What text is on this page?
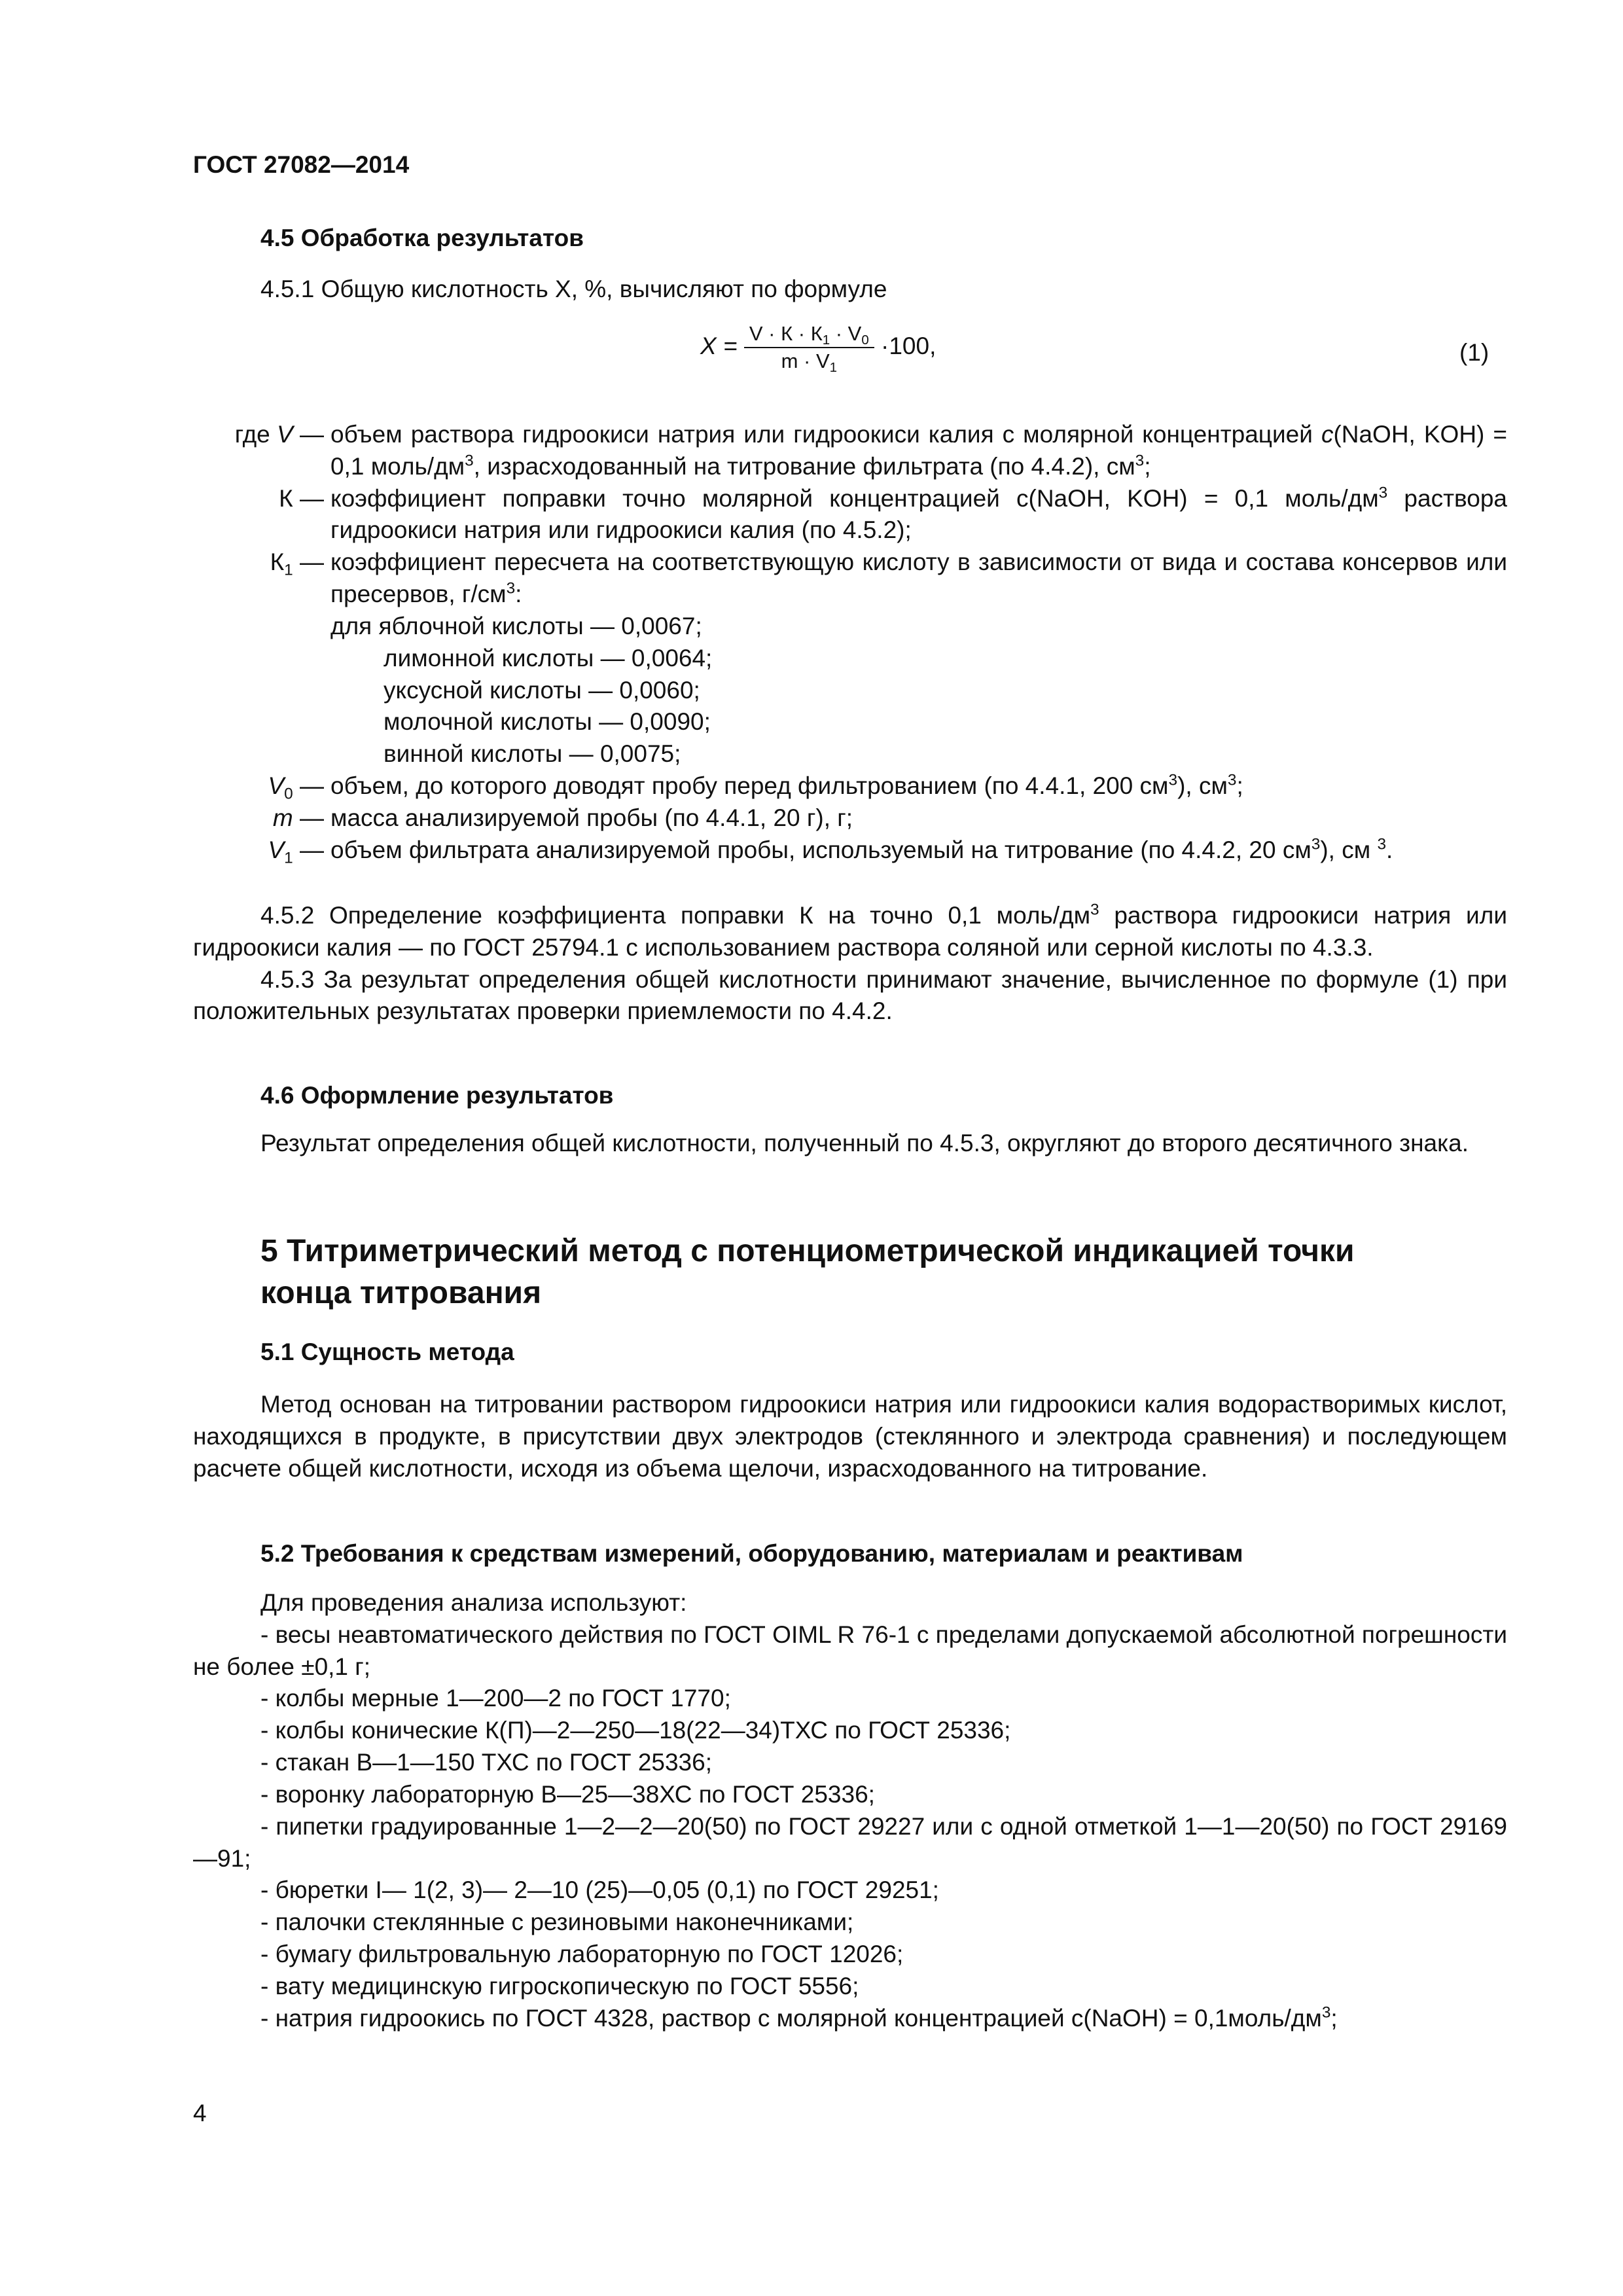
ГОСТ 27082—2014
4.5 Обработка результатов
4.5.1 Общую кислотность X, %, вычисляют по формуле
$X = \frac{V \cdot К \cdot К_1 \cdot V_0}{m \cdot V_1} \cdot 100$,	(1)
где V — объем раствора гидроокиси натрия или гидроокиси калия с молярной концентрацией c(NaOH, KOH) = 0,1 моль/$дм^3$, израсходованный на титрование фильтрата (по 4.4.2), $см^3$;
К — коэффициент поправки точно молярной концентрацией c(NaOH, KOH) = 0,1 моль/$дм^3$ раствора гидроокиси натрия или гидроокиси калия (по 4.5.2);
$К_1$ — коэффициент пересчета на соответствующую кислоту в зависимости от вида и состава консервов или пресервов, $г/см^3$:
для яблочной кислоты — 0,0067;
лимонной кислоты — 0,0064;
уксусной кислоты — 0,0060;
молочной кислоты — 0,0090;
винной кислоты — 0,0075;
$V_0$ — объем, до которого доводят пробу перед фильтрованием (по 4.4.1, 200 $см^3$), $см^3$;
m — масса анализируемой пробы (по 4.4.1, 20 г), г;
$V_1$ — объем фильтрата анализируемой пробы, используемый на титрование (по 4.4.2, 20 $см^3$), см $^3$.

4.5.2 Определение коэффициента поправки К на точно 0,1 моль/$дм^3$ раствора гидроокиси натрия или гидроокиси калия — по ГОСТ 25794.1 с использованием раствора соляной или серной кислоты по 4.3.3.

4.5.3 За результат определения общей кислотности принимают значение, вычисленное по формуле (1) при положительных результатах проверки приемлемости по 4.4.2.

4.6 Оформление результатов

Результат определения общей кислотности, полученный по 4.5.3, округляют до второго десятичного знака.

5 Титриметрический метод с потенциометрической индикацией точки конца титрования
5.1 Сущность метода

Метод основан на титровании раствором гидроокиси натрия или гидроокиси калия водорастворимых кислот, находящихся в продукте, в присутствии двух электродов (стеклянного и электрода сравнения) и последующем расчете общей кислотности, исходя из объема щелочи, израсходованного на титрование.

5.2 Требования к средствам измерений, оборудованию, материалам и реактивам

Для проведения анализа используют:

- весы неавтоматического действия по ГОСТ OIML R 76-1 с пределами допускаемой абсолютной погрешности не более ±0,1 г;

- колбы мерные 1—200—2 по ГОСТ 1770;

- колбы конические К(П)—2—250—18(22—34)ТХС по ГОСТ 25336;

- стакан В—1—150 ТХС по ГОСТ 25336;

- воронку лабораторную В—25—38ХС по ГОСТ 25336;

- пипетки градуированные 1—2—2—20(50) по ГОСТ 29227 или с одной отметкой 1—1—20(50) по ГОСТ 29169—91;

- бюретки I— 1(2, 3)— 2—10 (25)—0,05 (0,1) по ГОСТ 29251;

- палочки стеклянные с резиновыми наконечниками;

- бумагу фильтровальную лабораторную по ГОСТ 12026;

- вату медицинскую гигроскопическую по ГОСТ 5556;

- натрия гидроокись по ГОСТ 4328, раствор с молярной концентрацией c(NaOH) = $0,1моль/дм^3$;

4
